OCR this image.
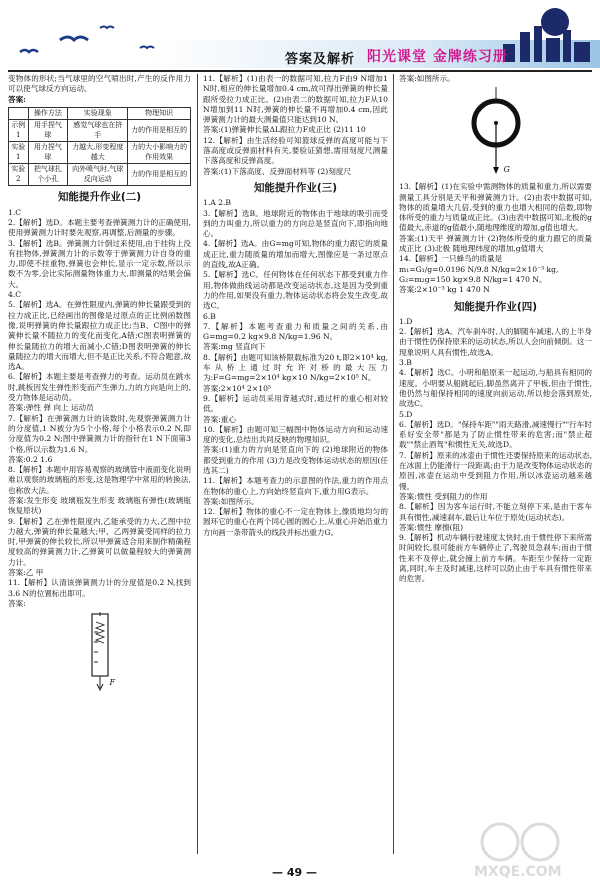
答案及解析 阳光课堂 金牌练习册

变物体的形状;当气球里的空气喷出时,产生的反作用力可以使气球反方向运动。

答案:

	操作方法	实验现象	物理知识
示例1	用手捏气球	感觉气球也在挤手	力的作用是相互的
实验1	用力捏气球	力越大,形变程度越大	力的大小影响力的作用效果
实验2	把气球扎个小孔	向外喷气时,气球反向运动	力的作用是相互的
知能提升作业(二)

1.C

2.【解析】选D。本题主要考查弹簧测力计的正确使用,使用弹簧测力计时要先观察,再调整,后测量的步骤。

3.【解析】选B。弹簧测力计倒过来使用,由于挂钩上没有挂物体,弹簧测力计的示数等于弹簧测力计自身的重力,即使不挂重物,弹簧也会伸长,显示一定示数,所以示数不为零,会比实际测量物体重力大,即测量的结果会偏大。

4.C

5.【解析】选A。在弹性限度内,弹簧的伸长量跟受到的拉力成正比,已经画出的图像是过原点的正比例函数图像,说明弹簧的伸长量跟拉力成正比;当B、C图中的弹簧伸长量不随拉力的变化而变化,A错;C图表明弹簧的伸长量随拉力的增大而减小,C错;D图表明弹簧的伸长量随拉力的增大而增大,但不是正比关系,不符合题意,故选A。

6.【解析】本题主要是考查弹力的考查。运动员在跳水时,跳板因发生弹性形变而产生弹力,力的方向是向上的,受力物体是运动员。

答案:弹性 弹 向上 运动员

7.【解析】在弹簧测力计的读数时,先观察弹簧测力计的分度值,1 N被分为5个小格,每个小格表示0.2 N,即分度值为0.2 N;图中弹簧测力计的指针在1 N下面第3个格,所以示数为1.6 N。

答案:0.2 1.6

8.【解析】本题中用容易观察的玻璃管中液面变化说明难以观察的玻璃瓶的形变,这是物理学中常用的转换法,也称放大法。

答案:发生形变 玻璃瓶发生形变 玻璃瓶有弹性(玻璃瓶恢复原状)

9.【解析】乙在弹性限度内,乙能承受的力大,乙图中拉力越大,弹簧的伸长量越大;甲、乙两弹簧受同样的拉力时,甲弹簧的伸长较长,所以甲弹簧适合用来制作精确程度较高的弹簧测力计,乙弹簧可以做量程较大的弹簧测力计。

答案:乙 甲

11.【解析】认清该弹簧测力计的分度值是0.2 N,找到3.6 N的位置标出即可。

答案:

F

11.【解析】(1)由表一的数据可知,拉力F由9 N增加1 N时,相应的伸长量增加0.4 cm,故可得出弹簧的伸长量跟所受拉力成正比。(2)由表二的数据可知,拉力F从10 N增加到11 N时,弹簧的伸长量不再增加0.4 cm,因此弹簧测力计的最大测量值只能达到10 N。

答案:(1)弹簧伸长量ΔL跟拉力F成正比 (2)11 10

12.【解析】由生活经验可知篮球反弹的高度可能与下落高度或反弹面材料有关,要验证猜想,需用刻度尺测量下落高度和反弹高度。

答案:(1)下落高度、反弹面材料等 (2)刻度尺

知能提升作业(三)

1.A 2.B

3.【解析】选B。地球附近的物体由于地球的吸引而受到的力叫重力,所以重力的方向总是竖直向下,即指向地心。

4.【解析】选A。由G=mg可知,物体的重力跟它的质量成正比,重力随质量的增加而增大,图像应是一条过原点的直线,故A正确。

5.【解析】选C。任何物体在任何状态下都受到重力作用,物体做曲线运动都是改变运动状态,这是因为受到重力的作用,如果没有重力,物体运动状态将会发生改变,故选C。

6.B

7.【解析】本题考查重力和质量之间的关系,由G=mg=0.2 kg×9.8 N/kg=1.96 N。

答案:mg 竖直向下

8.【解析】由题可知该桥限载标准为20 t,即2×10⁴ kg,车从桥上通过时允许对桥的最大压力为:F=G=mg=2×10⁴ kg×10 N/kg=2×10⁵ N。

答案:2×10⁴ 2×10⁵

9.【解析】运动员采用背越式时,通过杆的重心相对较低。

答案:重心

10.【解析】由题可知三幅图中物体运动方向和运动速度的变化,总结出共同反映的物理知识。

答案:(1)重力的方向是竖直向下的 (2)地球附近的物体都受到重力的作用 (3)力是改变物体运动状态的原因(任选其二)

11.【解析】本题考查力的示意图的作法,重力的作用点在物体的重心上,方向始终竖直向下,重力用G表示。

答案:如图所示。

12.【解析】物体的重心不一定在物体上,像质地均匀的圆环它的重心在两个同心圆的圆心上,从重心开始沿重力方向画一条带箭头的线段并标出重力G。

答案:如图所示。

G

13.【解析】(1)在实验中需测物体的质量和重力,所以需要测量工具分别是天平和弹簧测力计。(2)由表中数据可知,物体的质量增大几倍,受到的重力也增大相同的倍数,即物体所受的重力与质量成正比。(3)由表中数据可知,北极的g值最大,赤道的g值最小,随地理维度的增加,g值也增大。

答案:(1)天平 弹簧测力计 (2)物体所受的重力跟它的质量成正比 (3)北极 随地理纬度的增加,g值增大

14.【解析】一只蜂鸟的质量是

m₁=G₁/g=0.0196 N/9.8 N/kg=2×10⁻³ kg,

G₂=m₂g=150 kg×9.8 N/kg=1 470 N。

答案:2×10⁻³ kg 1 470 N

知能提升作业(四)

1.D

2.【解析】选A。汽车刹车时,人的脚随车减速,人的上半身由于惯性仍保持原来的运动状态,所以人会向前倾倒。这一现象说明人具有惯性,故选A。

3.B

4.【解析】选C。小明和船原来一起运动,与船具有相同的速度。小明要从船跳起后,脚虽然离开了甲板,但由于惯性,他仍然与船保持相同的速度向前运动,所以他会落到原处,故选C。

5.D

6.【解析】选D。"保持车距""雨天路滑,减速慢行""行车时系好安全带"都是为了防止惯性带来的危害;而"禁止超载""禁止酒驾"和惯性无关,故选D。

7.【解析】原来的冰壶由于惯性还要保持原来的运动状态,在冰面上仍能滑行一段距离;由于力是改变物体运动状态的原因,冰壶在运动中受到阻力作用,所以冰壶运动越来越慢。

答案:惯性 受到阻力的作用

8.【解析】因为客车运行时,不能立刻停下来,是由于客车具有惯性,减速刹车,最后让车位于原处(运动状态)。

答案:惯性 摩擦(阻)

9.【解析】机动车辆行驶速度太快时,由于惯性停下来所需时间较长,很可能前方车辆停止了,驾驶员急刹车;而由于惯性来不及停止,就会撞上前方车辆。车距至少保持一定距离,同时,车主及时减速,这样可以防止由于车具有惯性带来的危害。

— 49 —	MXQE.COM
